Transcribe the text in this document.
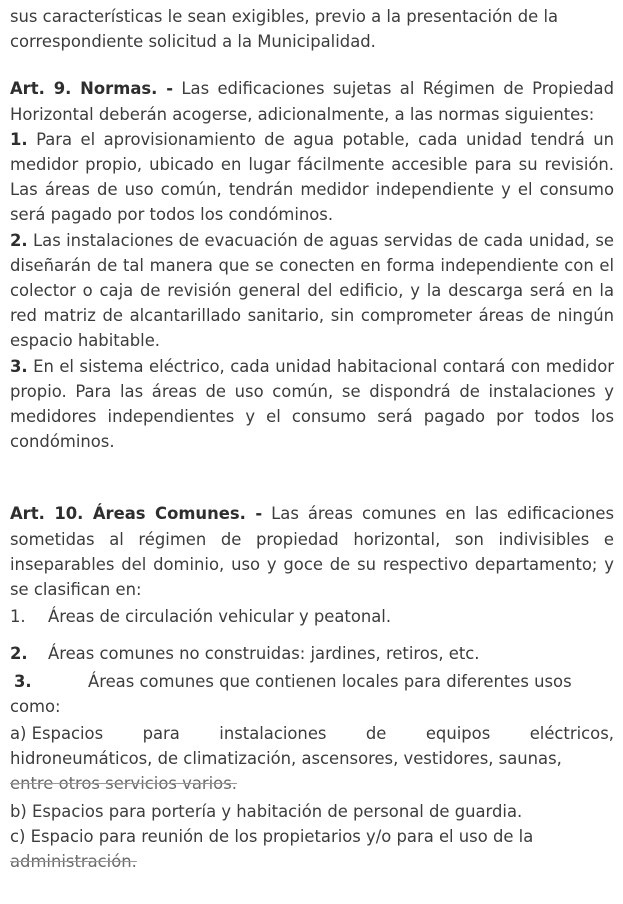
sus características le sean exigibles, previo a la presentación de la
correspondiente solicitud a la Municipalidad.

Art. 9. Normas. - Las edificaciones sujetas al Régimen de Propiedad Horizontal deberán acogerse, adicionalmente, a las normas siguientes:

1. Para el aprovisionamiento de agua potable, cada unidad tendrá un medidor propio, ubicado en lugar fácilmente accesible para su revisión. Las áreas de uso común, tendrán medidor independiente y el consumo será pagado por todos los condóminos.

2. Las instalaciones de evacuación de aguas servidas de cada unidad, se diseñarán de tal manera que se conecten en forma independiente con el colector o caja de revisión general del edificio, y la descarga será en la red matriz de alcantarillado sanitario, sin comprometer áreas de ningún espacio habitable.

3. En el sistema eléctrico, cada unidad habitacional contará con medidor propio. Para las áreas de uso común, se dispondrá de instalaciones y medidores independientes y el consumo será pagado por todos los condóminos.

Art. 10. Áreas Comunes. - Las áreas comunes en las edificaciones sometidas al régimen de propiedad horizontal, son indivisibles e inseparables del dominio, uso y goce de su respectivo departamento; y se clasifican en:

1.	Áreas de circulación vehicular y peatonal.
2.	Áreas comunes no construidas: jardines, retiros, etc.
3.	Áreas comunes que contienen locales para diferentes usos

como:

a) Espacios para instalaciones de equipos eléctricos,

hidroneumáticos, de climatización, ascensores, vestidores, saunas,

entre otros servicios varios.

b) Espacios para portería y habitación de personal de guardia.

c) Espacio para reunión de los propietarios y/o para el uso de la

administración.
